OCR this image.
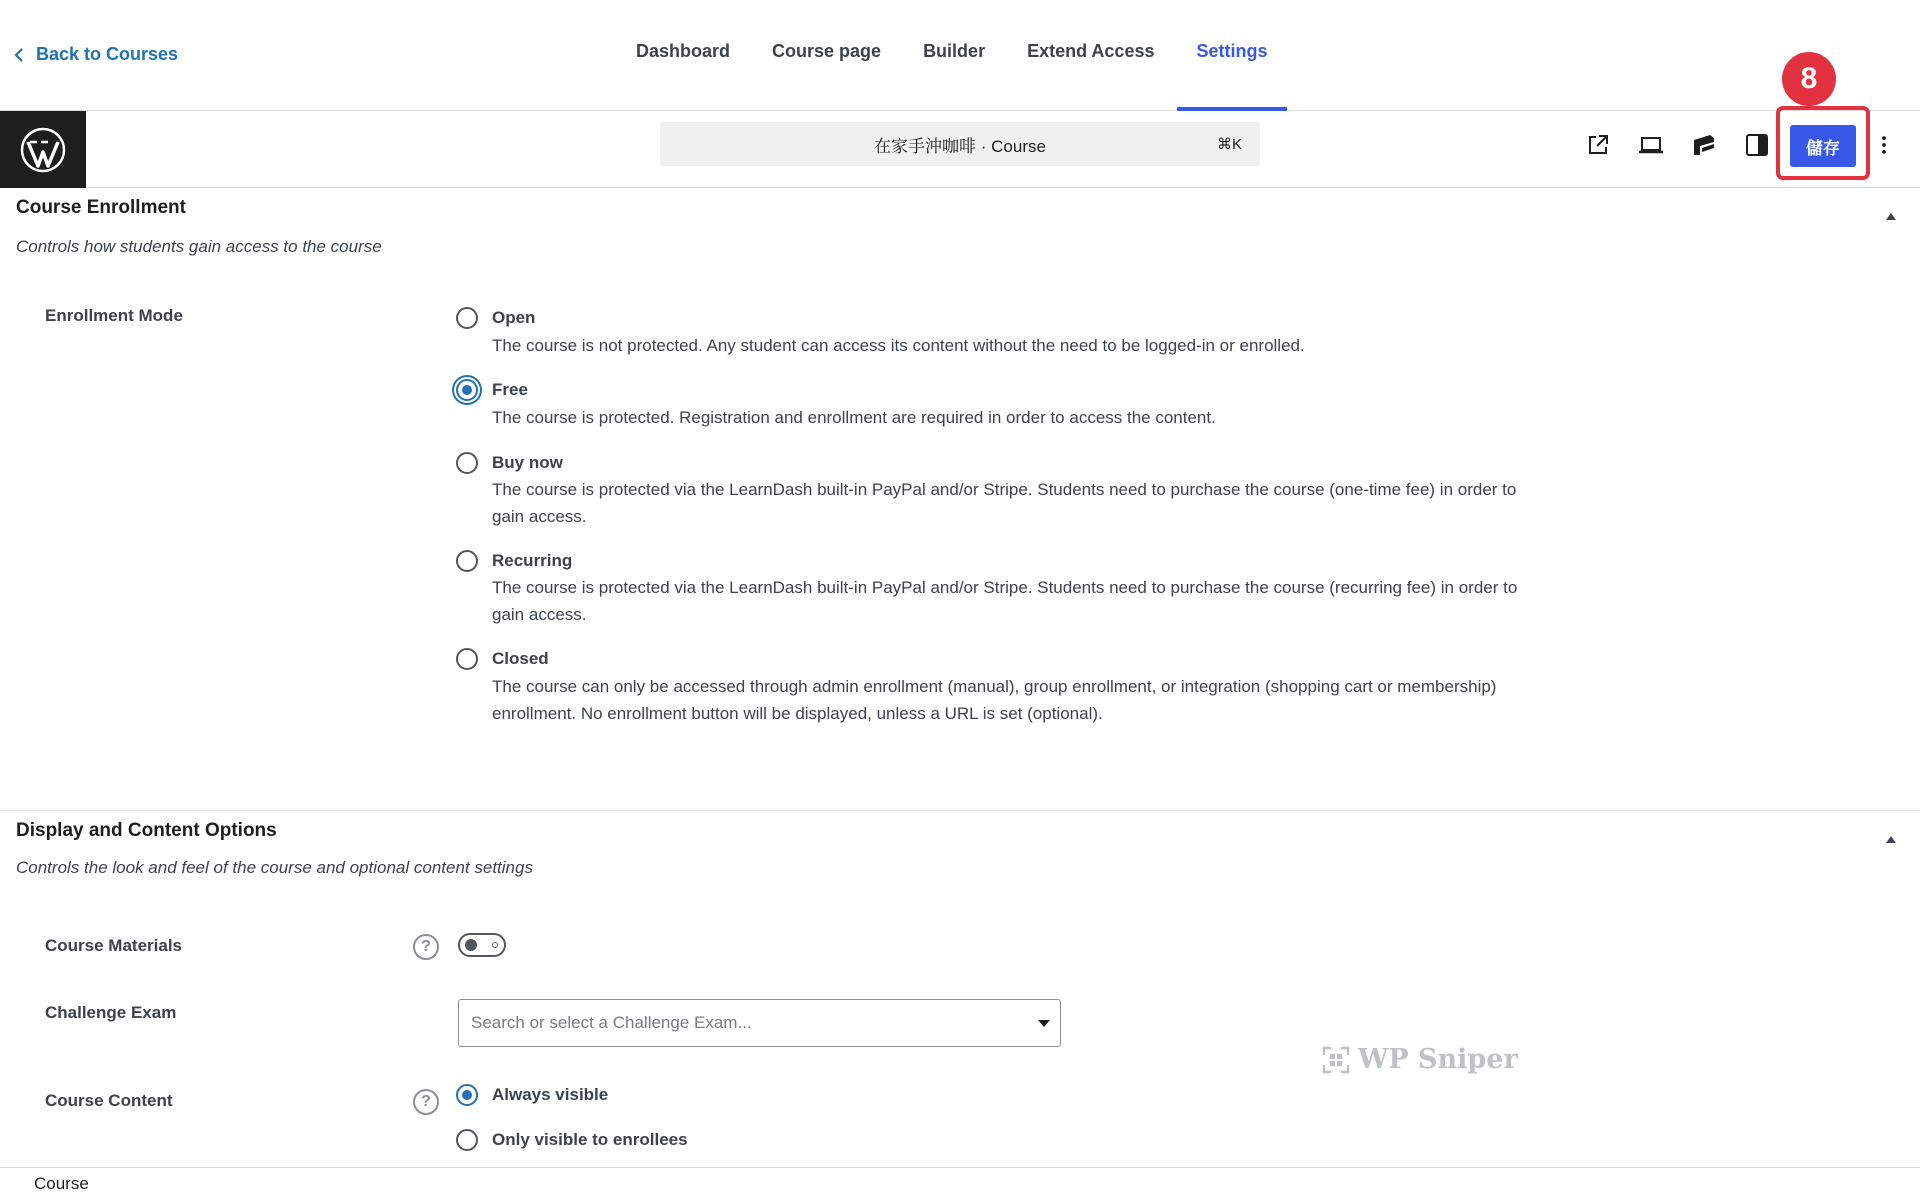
Back to Courses	Dashboard Course page Builder Extend Access Settings
在家手沖咖啡 · Course	⌘K	儲存
8
Course Enrollment
Controls how students gain access to the course
Enrollment Mode	Open
The course is not protected. Any student can access its content without the need to be logged-in or enrolled.
Free
The course is protected. Registration and enrollment are required in order to access the content.
Buy now
The course is protected via the LearnDash built-in PayPal and/or Stripe. Students need to purchase the course (one-time fee) in order to gain access.
Recurring
The course is protected via the LearnDash built-in PayPal and/or Stripe. Students need to purchase the course (recurring fee) in order to gain access.
Closed
The course can only be accessed through admin enrollment (manual), group enrollment, or integration (shopping cart or membership) enrollment. No enrollment button will be displayed, unless a URL is set (optional).
Display and Content Options
Controls the look and feel of the course and optional content settings
Course Materials	?
Challenge Exam
Search or select a Challenge Exam...
WP Sniper
Course Content	?	Always visible
Only visible to enrollees
Course
